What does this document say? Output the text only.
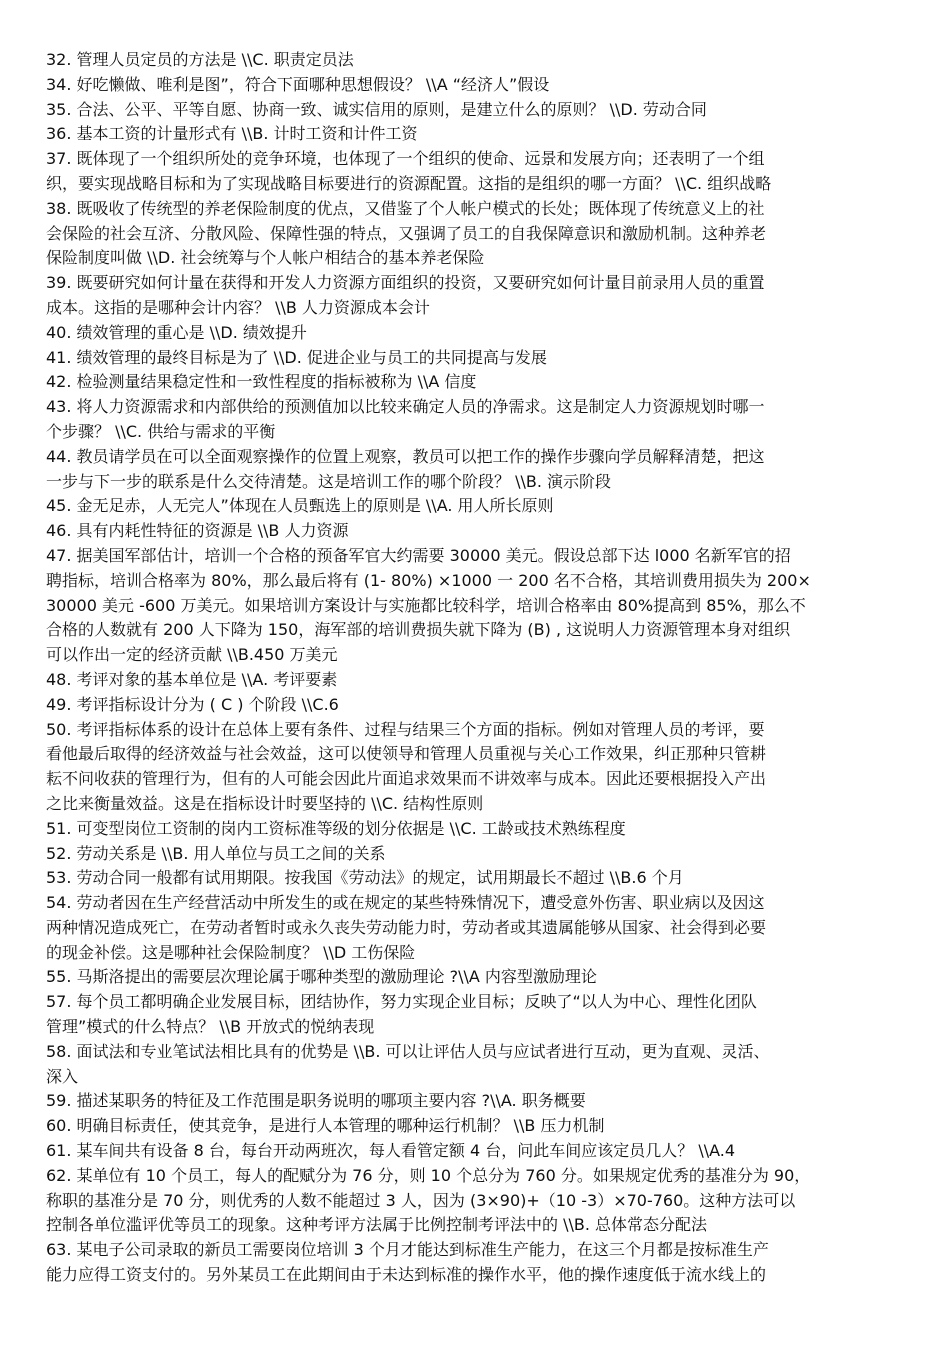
32. 管理人员定员的方法是 \\C. 职责定员法
34. 好吃懒做、唯利是图”，符合下面哪种思想假设？ \\A “经济人”假设
35. 合法、公平、平等自愿、协商一致、诚实信用的原则，是建立什么的原则？ \\D. 劳动合同
36. 基本工资的计量形式有 \\B. 计时工资和计件工资
37. 既体现了一个组织所处的竞争环境，也体现了一个组织的使命、远景和发展方向；还表明了一个组
织，要实现战略目标和为了实现战略目标要进行的资源配置。这指的是组织的哪一方面？ \\C. 组织战略
38. 既吸收了传统型的养老保险制度的优点，又借鉴了个人帐户模式的长处；既体现了传统意义上的社
会保险的社会互济、分散风险、保障性强的特点，又强调了员工的自我保障意识和激励机制。这种养老
保险制度叫做 \\D. 社会统筹与个人帐户相结合的基本养老保险
39. 既要研究如何计量在获得和开发人力资源方面组织的投资，又要研究如何计量目前录用人员的重置
成本。这指的是哪种会计内容？ \\B 人力资源成本会计
40. 绩效管理的重心是 \\D. 绩效提升
41. 绩效管理的最终目标是为了 \\D. 促进企业与员工的共同提高与发展
42. 检验测量结果稳定性和一致性程度的指标被称为 \\A 信度
43. 将人力资源需求和内部供给的预测值加以比较来确定人员的净需求。这是制定人力资源规划时哪一
个步骤？ \\C. 供给与需求的平衡
44. 教员请学员在可以全面观察操作的位置上观察，教员可以把工作的操作步骤向学员解释清楚，把这
一步与下一步的联系是什么交待清楚。这是培训工作的哪个阶段？ \\B. 演示阶段
45. 金无足赤，人无完人”体现在人员甄选上的原则是 \\A. 用人所长原则
46. 具有内耗性特征的资源是 \\B 人力资源
47. 据美国军部估计，培训一个合格的预备军官大约需要 30000 美元。假设总部下达 l000 名新军官的招
聘指标，培训合格率为 80%，那么最后将有 (1- 80%) ×1000 一 200 名不合格，其培训费用损失为 200×
30000 美元 -600 万美元。如果培训方案设计与实施都比较科学，培训合格率由 80%提高到 85%，那么不
合格的人数就有 200 人下降为 150，海军部的培训费损失就下降为 (B) , 这说明人力资源管理本身对组织
可以作出一定的经济贡献 \\B.450 万美元
48. 考评对象的基本单位是 \\A. 考评要素
49. 考评指标设计分为 ( C ) 个阶段 \\C.6
50. 考评指标体系的设计在总体上要有条件、过程与结果三个方面的指标。例如对管理人员的考评，要
看他最后取得的经济效益与社会效益，这可以使领导和管理人员重视与关心工作效果，纠正那种只管耕
耘不问收获的管理行为，但有的人可能会因此片面追求效果而不讲效率与成本。因此还要根据投入产出
之比来衡量效益。这是在指标设计时要坚持的 \\C. 结构性原则
51. 可变型岗位工资制的岗内工资标准等级的划分依据是 \\C. 工龄或技术熟练程度
52. 劳动关系是 \\B. 用人单位与员工之间的关系
53. 劳动合同一般都有试用期限。按我国《劳动法》的规定，试用期最长不超过 \\B.6 个月
54. 劳动者因在生产经营活动中所发生的或在规定的某些特殊情况下，遭受意外伤害、职业病以及因这
两种情况造成死亡，在劳动者暂时或永久丧失劳动能力时，劳动者或其遗属能够从国家、社会得到必要
的现金补偿。这是哪种社会保险制度？ \\D 工伤保险
55. 马斯洛提出的需要层次理论属于哪种类型的激励理论 ?\\A 内容型激励理论
57. 每个员工都明确企业发展目标，团结协作，努力实现企业目标；反映了“以人为中心、理性化团队
管理”模式的什么特点？ \\B 开放式的悦纳表现
58. 面试法和专业笔试法相比具有的优势是 \\B. 可以让评估人员与应试者进行互动，更为直观、灵活、
深入
59. 描述某职务的特征及工作范围是职务说明的哪项主要内容 ?\\A. 职务概要
60. 明确目标责任，使其竞争，是进行人本管理的哪种运行机制？ \\B 压力机制
61. 某车间共有设备 8 台，每台开动两班次，每人看管定额 4 台，问此车间应该定员几人？ \\A.4
62. 某单位有 10 个员工，每人的配赋分为 76 分，则 10 个总分为 760 分。如果规定优秀的基准分为 90，
称职的基准分是 70 分，则优秀的人数不能超过 3 人，因为 (3×90)+（10 -3）×70-760。这种方法可以
控制各单位滥评优等员工的现象。这种考评方法属于比例控制考评法中的 \\B. 总体常态分配法
63. 某电子公司录取的新员工需要岗位培训 3 个月才能达到标准生产能力，在这三个月都是按标准生产
能力应得工资支付的。另外某员工在此期间由于未达到标准的操作水平，他的操作速度低于流水线上的
